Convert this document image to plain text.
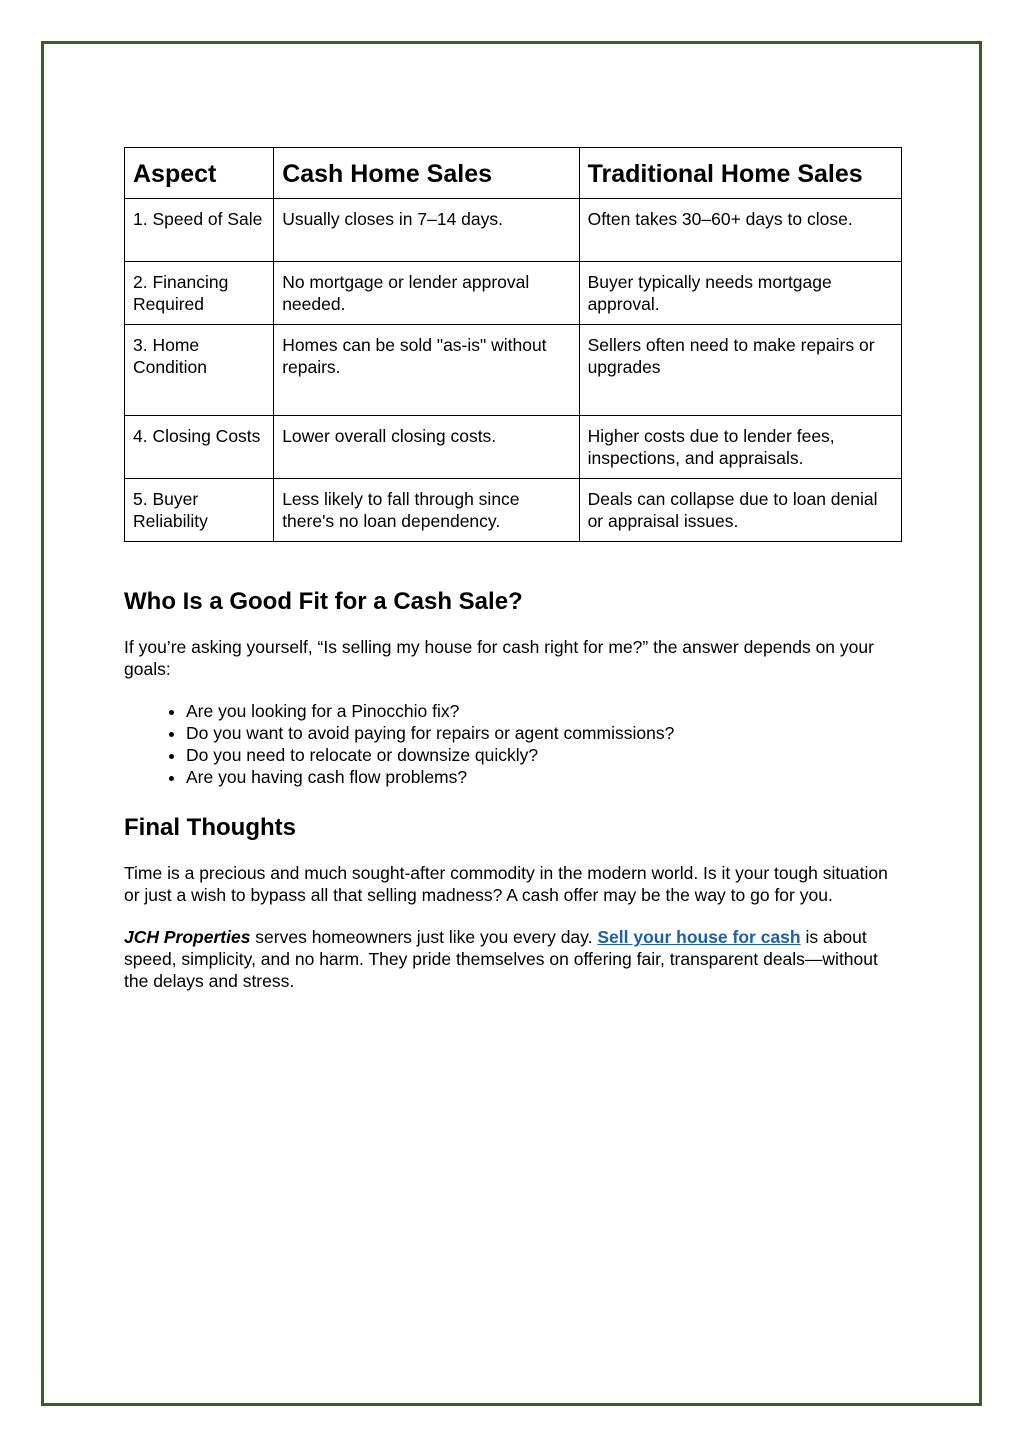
Aspect	Cash Home Sales	Traditional Home Sales
1. Speed of Sale	Usually closes in 7–14 days.	Often takes 30–60+ days to close.
2. Financing Required	No mortgage or lender approval needed.	Buyer typically needs mortgage approval.
3. Home Condition	Homes can be sold "as-is" without repairs.	Sellers often need to make repairs or upgrades
4. Closing Costs	Lower overall closing costs.	Higher costs due to lender fees, inspections, and appraisals.
5. Buyer Reliability	Less likely to fall through since there's no loan dependency.	Deals can collapse due to loan denial or appraisal issues.
Who Is a Good Fit for a Cash Sale?

If you’re asking yourself, “Is selling my house for cash right for me?” the answer depends on your goals:

• Are you looking for a Pinocchio fix?
• Do you want to avoid paying for repairs or agent commissions?
• Do you need to relocate or downsize quickly?
• Are you having cash flow problems?
Final Thoughts

Time is a precious and much sought-after commodity in the modern world. Is it your tough situation or just a wish to bypass all that selling madness? A cash offer may be the way to go for you.

JCH Properties serves homeowners just like you every day. Sell your house for cash is about speed, simplicity, and no harm. They pride themselves on offering fair, transparent deals—without the delays and stress.
